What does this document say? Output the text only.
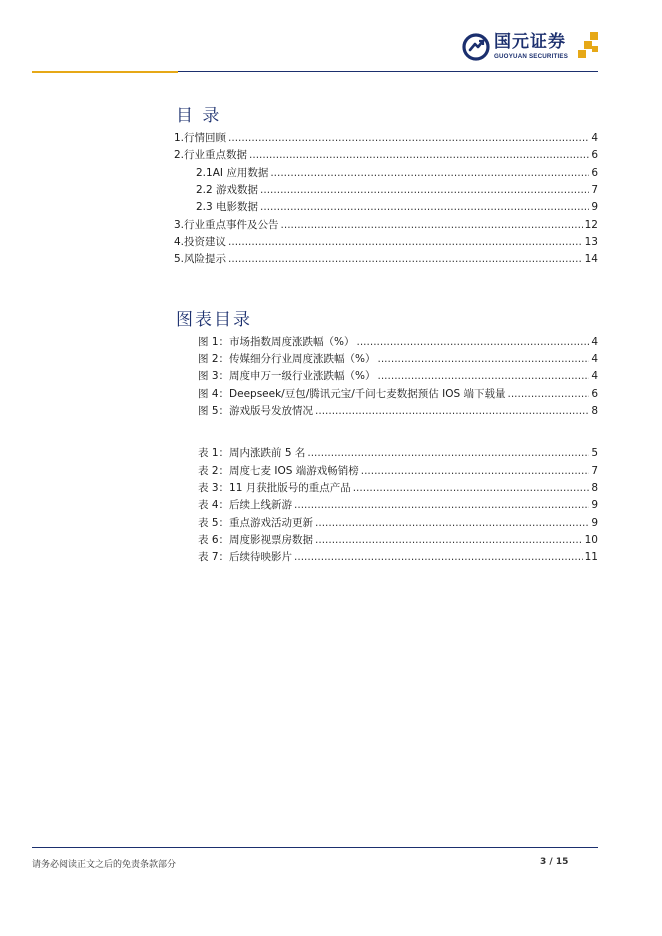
国元证券
GUOYUAN SECURITIES
目 录
1.行情回顾 .....	4
2.行业重点数据 .....	6
2.1AI 应用数据 .....	6
2.2 游戏数据 .....	7
2.3 电影数据 .....	9
3.行业重点事件及公告 .....	12
4.投资建议 .....	13
5.风险提示 .....	14
图表目录
图 1：市场指数周度涨跌幅（%） .....	4
图 2：传媒细分行业周度涨跌幅（%） .....	4
图 3：周度申万一级行业涨跌幅（%） .....	4
图 4：Deepseek/豆包/腾讯元宝/千问七麦数据预估 IOS 端下载量 .....	6
图 5：游戏版号发放情况 .....	8
表 1：周内涨跌前 5 名 .....	5
表 2：周度七麦 IOS 端游戏畅销榜 .....	7
表 3：11 月获批版号的重点产品 .....	8
表 4：后续上线新游 .....	9
表 5：重点游戏活动更新 .....	9
表 6：周度影视票房数据 .....	10
表 7：后续待映影片 .....	11
请务必阅读正文之后的免责条款部分	3 / 15
